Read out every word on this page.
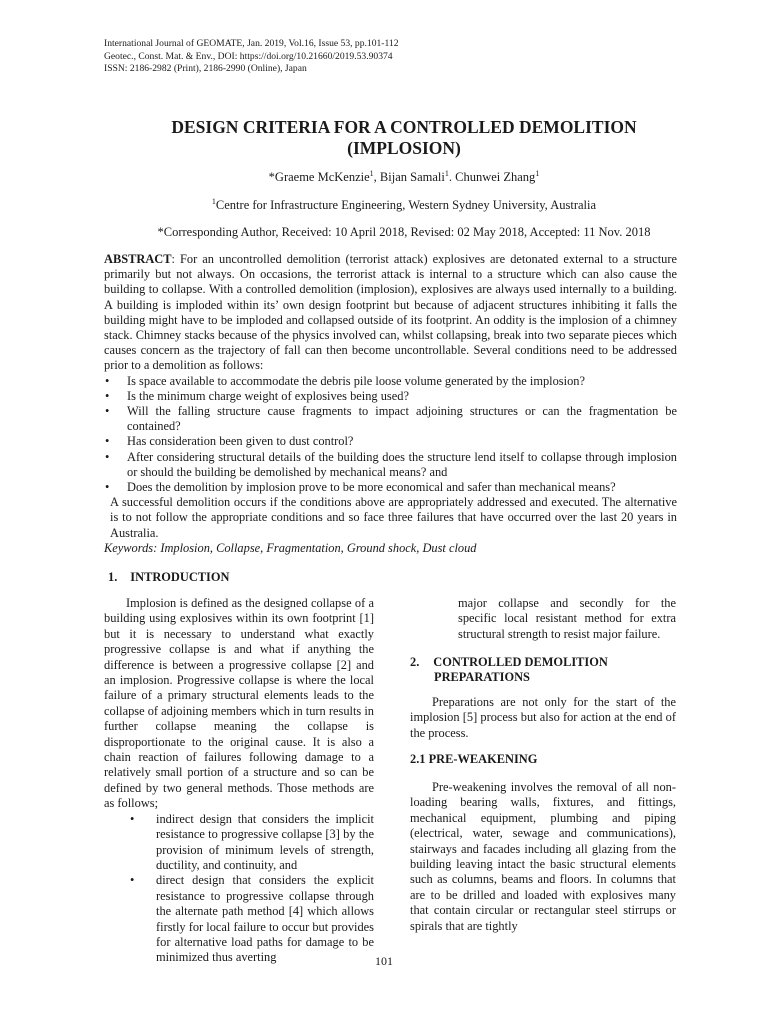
International Journal of GEOMATE, Jan. 2019, Vol.16, Issue 53, pp.101-112
Geotec., Const. Mat. & Env., DOI: https://doi.org/10.21660/2019.53.90374
ISSN: 2186-2982 (Print), 2186-2990 (Online), Japan
DESIGN CRITERIA FOR A CONTROLLED DEMOLITION
(IMPLOSION)
*Graeme McKenzie$^1$, Bijan Samali$^1$. Chunwei Zhang$^1$
$^1$Centre for Infrastructure Engineering, Western Sydney University, Australia
*Corresponding Author, Received: 10 April 2018, Revised: 02 May 2018, Accepted: 11 Nov. 2018

ABSTRACT: For an uncontrolled demolition (terrorist attack) explosives are detonated external to a structure primarily but not always. On occasions, the terrorist attack is internal to a structure which can also cause the building to collapse. With a controlled demolition (implosion), explosives are always used internally to a building. A building is imploded within its’ own design footprint but because of adjacent structures inhibiting it falls the building might have to be imploded and collapsed outside of its footprint. An oddity is the implosion of a chimney stack. Chimney stacks because of the physics involved can, whilst collapsing, break into two separate pieces which causes concern as the trajectory of fall can then become uncontrollable. Several conditions need to be addressed prior to a demolition as follows:

• Is space available to accommodate the debris pile loose volume generated by the implosion?
• Is the minimum charge weight of explosives being used?
• Will the falling structure cause fragments to impact adjoining structures or can the fragmentation be contained?
• Has consideration been given to dust control?
• After considering structural details of the building does the structure lend itself to collapse through implosion or should the building be demolished by mechanical means? and
• Does the demolition by implosion prove to be more economical and safer than mechanical means?

A successful demolition occurs if the conditions above are appropriately addressed and executed. The alternative is to not follow the appropriate conditions and so face three failures that have occurred over the last 20 years in Australia.

Keywords: Implosion, Collapse, Fragmentation, Ground shock, Dust cloud
1. INTRODUCTION

Implosion is defined as the designed collapse of a building using explosives within its own footprint [1] but it is necessary to understand what exactly progressive collapse is and what if anything the difference is between a progressive collapse [2] and an implosion. Progressive collapse is where the local failure of a primary structural elements leads to the collapse of adjoining members which in turn results in further collapse meaning the collapse is disproportionate to the original cause. It is also a chain reaction of failures following damage to a relatively small portion of a structure and so can be defined by two general methods. Those methods are as follows;

• indirect design that considers the implicit resistance to progressive collapse [3] by the provision of minimum levels of strength, ductility, and continuity, and
• direct design that considers the explicit resistance to progressive collapse through the alternate path method [4] which allows firstly for local failure to occur but provides for alternative load paths for damage to be minimized thus averting
major collapse and secondly for the specific local resistant method for extra structural strength to resist major failure.
2. CONTROLLED DEMOLITION
PREPARATIONS

Preparations are not only for the start of the implosion [5] process but also for action at the end of the process.

2.1 PRE-WEAKENING

Pre-weakening involves the removal of all non-loading bearing walls, fixtures, and fittings, mechanical equipment, plumbing and piping (electrical, water, sewage and communications), stairways and facades including all glazing from the building leaving intact the basic structural elements such as columns, beams and floors. In columns that are to be drilled and loaded with explosives many that contain circular or rectangular steel stirrups or spirals that are tightly

101
